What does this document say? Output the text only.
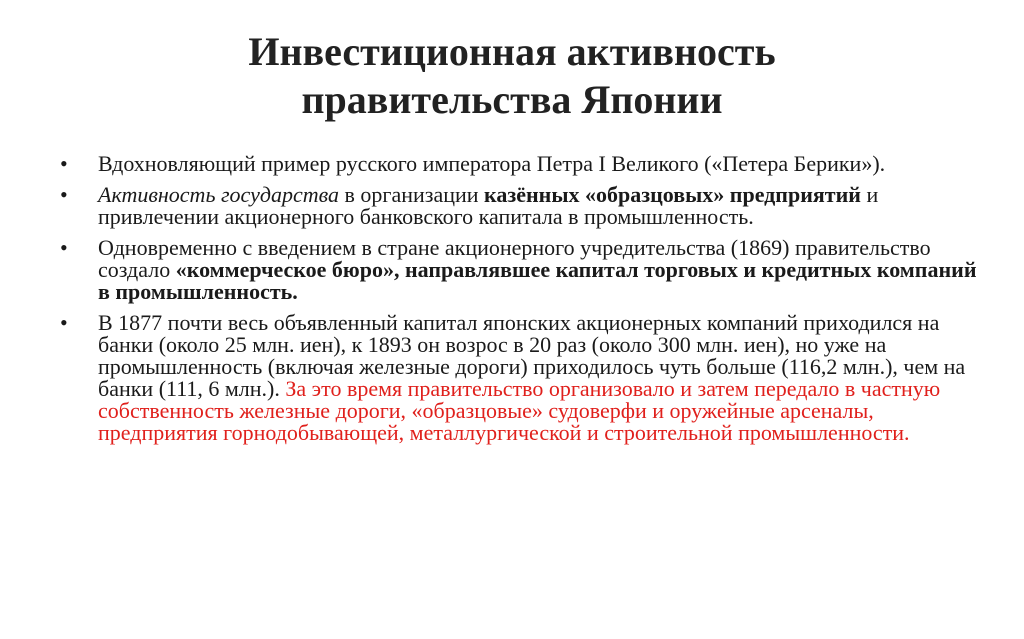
Инвестиционная активность
правительства Японии
• Вдохновляющий пример русского императора Петра I Великого («Петера Берики»).
• Активность государства в организации казённых «образцовых» предприятий и привлечении акционерного банковского капитала в промышленность.
• Одновременно с введением в стране акционерного учредительства (1869) правительство создало «коммерческое бюро», направлявшее капитал торговых и кредитных компаний в промышленность.
• В 1877 почти весь объявленный капитал японских акционерных компаний приходился на банки (около 25 млн. иен), к 1893 он возрос в 20 раз (около 300 млн. иен), но уже на промышленность (включая железные дороги) приходилось чуть больше (116,2 млн.), чем на банки (111, 6 млн.). За это время правительство организовало и затем передало в частную собственность железные дороги, «образцовые» судоверфи и оружейные арсеналы, предприятия горнодобывающей, металлургической и строительной промышленности.
